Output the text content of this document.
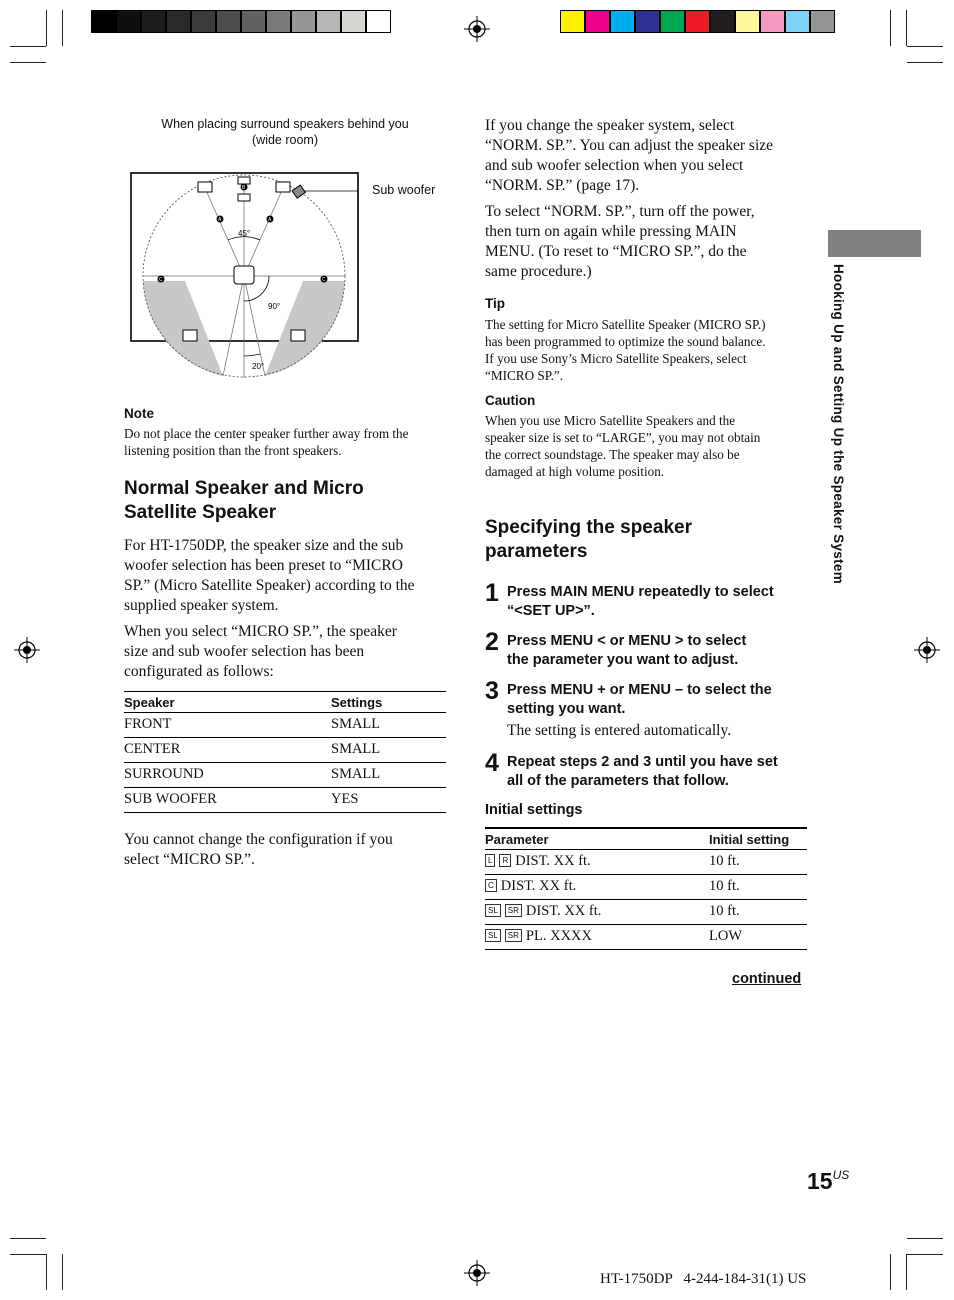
When placing surround speakers behind you
(wide room)
45°
90°
20°
A	A
B
C	C
Sub woofer
Note
Do not place the center speaker further away from the
listening position than the front speakers.
Normal Speaker and Micro
Satellite Speaker
For HT-1750DP, the speaker size and the sub
woofer selection has been preset to “MICRO
SP.” (Micro Satellite Speaker) according to the
supplied speaker system.
When you select “MICRO SP.”, the speaker
size and sub woofer selection has been
configurated as follows:
Speaker	Settings
FRONT	SMALL
CENTER	SMALL
SURROUND	SMALL
SUB WOOFER	YES
You cannot change the configuration if you
select “MICRO SP.”.
If you change the speaker system, select
“NORM. SP.”. You can adjust the speaker size
and sub woofer selection when you select
“NORM. SP.” (page 17).
To select “NORM. SP.”, turn off the power,
then turn on again while pressing MAIN
MENU. (To reset to “MICRO SP.”, do the
same procedure.)
Tip
The setting for Micro Satellite Speaker (MICRO SP.)
has been programmed to optimize the sound balance.
If you use Sony’s Micro Satellite Speakers, select
“MICRO SP.”.
Caution
When you use Micro Satellite Speakers and the
speaker size is set to “LARGE”, you may not obtain
the correct soundstage. The speaker may also be
damaged at high volume position.
Specifying the speaker
parameters
1 Press MAIN MENU repeatedly to select
“<SET UP>”.
2 Press MENU < or MENU > to select
the parameter you want to adjust.
3 Press MENU + or MENU – to select the
setting you want.
The setting is entered automatically.
4 Repeat steps 2 and 3 until you have set
all of the parameters that follow.
Initial settings
Parameter	Initial setting
L R DIST. XX ft.	10 ft.
C DIST. XX ft.	10 ft.
SL SR DIST. XX ft.	10 ft.
SL SR PL. XXXX	LOW
continued
Hooking Up and Setting Up the Speaker System
$15^{US}$
HT-1750DP   4-244-184-31(1) US
